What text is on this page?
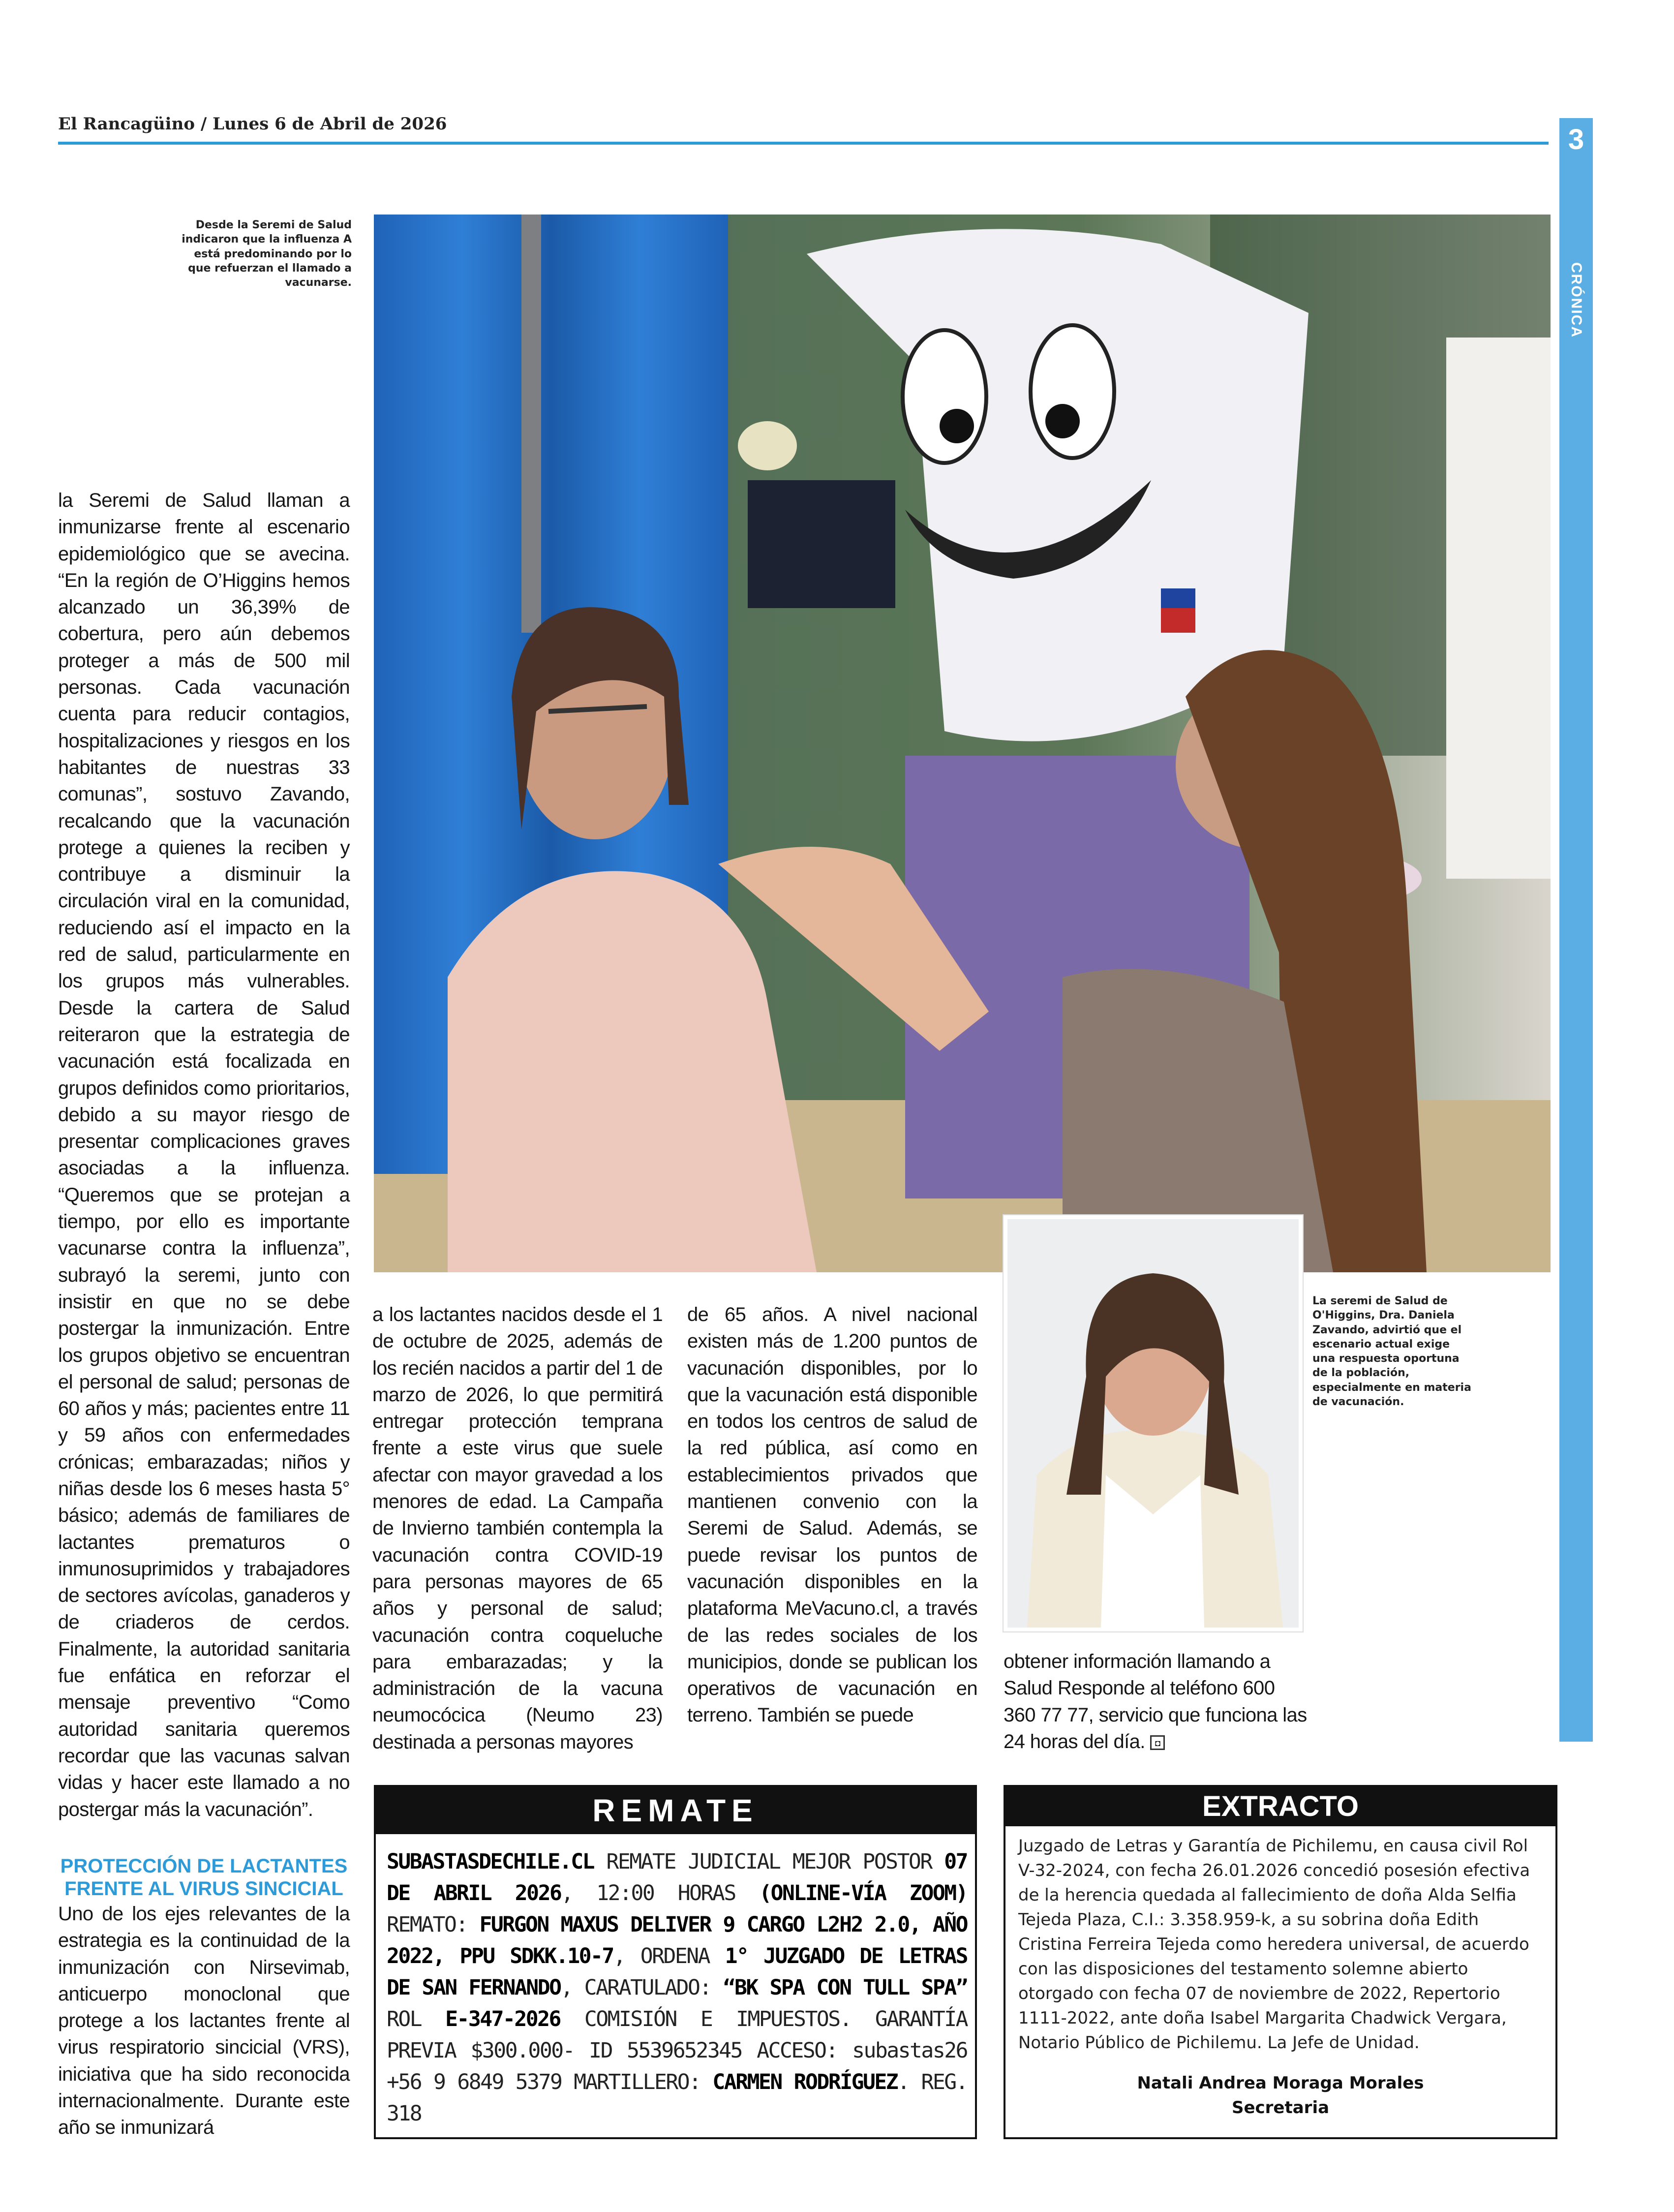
El Rancagüino / Lunes 6 de Abril de 2026	3
CRÓNICA
Desde la Seremi de Salud indicaron que la influenza A está predominando por lo que refuerzan el llamado a vacunarse.
La seremi de Salud de O'Higgins, Dra. Daniela Zavando, advirtió que el escenario actual exige una respuesta oportuna de la población, especialmente en materia de vacunación.

la Seremi de Salud llaman a inmunizarse frente al escenario epidemiológico que se avecina. “En la región de O’Higgins hemos alcanzado un 36,39% de cobertura, pero aún debemos proteger a más de 500 mil personas. Cada vacunación cuenta para reducir contagios, hospitalizaciones y riesgos en los habitantes de nuestras 33 comunas”, sostuvo Zavando, recalcando que la vacunación protege a quienes la reciben y contribuye a disminuir la circulación viral en la comunidad, reduciendo así el impacto en la red de salud, particularmente en los grupos más vulnerables. Desde la cartera de Salud reiteraron que la estrategia de vacunación está focalizada en grupos definidos como prioritarios, debido a su mayor riesgo de presentar complicaciones graves asociadas a la influenza. “Queremos que se protejan a tiempo, por ello es importante vacunarse contra la influenza”, subrayó la seremi, junto con insistir en que no se debe postergar la inmunización. Entre los grupos objetivo se encuentran el personal de salud; personas de 60 años y más; pacientes entre 11 y 59 años con enfermedades crónicas; embarazadas; niños y niñas desde los 6 meses hasta 5° básico; además de familiares de lactantes prematuros o inmunosuprimidos y trabajadores de sectores avícolas, ganaderos y de criaderos de cerdos. Finalmente, la autoridad sanitaria fue enfática en reforzar el mensaje preventivo “Como autoridad sanitaria queremos recordar que las vacunas salvan vidas y hacer este llamado a no postergar más la vacunación”.

PROTECCIÓN DE LACTANTES FRENTE AL VIRUS SINCICIAL

Uno de los ejes relevantes de la estrategia es la continuidad de la inmunización con Nirsevimab, anticuerpo monoclonal que protege a los lactantes frente al virus respiratorio sincicial (VRS), iniciativa que ha sido reconocida internacionalmente. Durante este año se inmunizará

a los lactantes nacidos desde el 1 de octubre de 2025, además de los recién nacidos a partir del 1 de marzo de 2026, lo que permitirá entregar protección temprana frente a este virus que suele afectar con mayor gravedad a los menores de edad. La Campaña de Invierno también contempla la vacunación contra COVID-19 para personas mayores de 65 años y personal de salud; vacunación contra coqueluche para embarazadas; y la administración de la vacuna neumocócica (Neumo 23) destinada a personas mayores

de 65 años. A nivel nacional existen más de 1.200 puntos de vacunación disponibles, por lo que la vacunación está disponible en todos los centros de salud de la red pública, así como en establecimientos privados que mantienen convenio con la Seremi de Salud. Además, se puede revisar los puntos de vacunación disponibles en la plataforma MeVacuno.cl, a través de las redes sociales de los municipios, donde se publican los operativos de vacunación en terreno. También se puede

obtener información llamando a Salud Responde al teléfono 600 360 77 77, servicio que funciona las 24 horas del día. ◘

REMATE
SUBASTASDECHILE.CL REMATE JUDICIAL MEJOR POSTOR 07 DE ABRIL 2026, 12:00 HORAS (ONLINE-VÍA ZOOM) REMATO: FURGON MAXUS DELIVER 9 CARGO L2H2 2.0, AÑO 2022, PPU SDKK.10-7, ORDENA 1° JUZGADO DE LETRAS DE SAN FERNANDO, CARATULADO: “BK SPA CON TULL SPA” ROL E-347-2026 COMISIÓN E IMPUESTOS. GARANTÍA PREVIA $300.000- ID 5539652345 ACCESO: subastas26 +56 9 6849 5379 MARTILLERO: CARMEN RODRÍGUEZ. REG. 318
EXTRACTO
Juzgado de Letras y Garantía de Pichilemu, en causa civil Rol V-32-2024, con fecha 26.01.2026 concedió posesión efectiva de la herencia quedada al fallecimiento de doña Alda Selfia Tejeda Plaza, C.I.: 3.358.959-k, a su sobrina doña Edith Cristina Ferreira Tejeda como heredera universal, de acuerdo con las disposiciones del testamento solemne abierto otorgado con fecha 07 de noviembre de 2022, Repertorio 1111-2022, ante doña Isabel Margarita Chadwick Vergara, Notario Público de Pichilemu. La Jefe de Unidad.
Natali Andrea Moraga Morales
Secretaria
